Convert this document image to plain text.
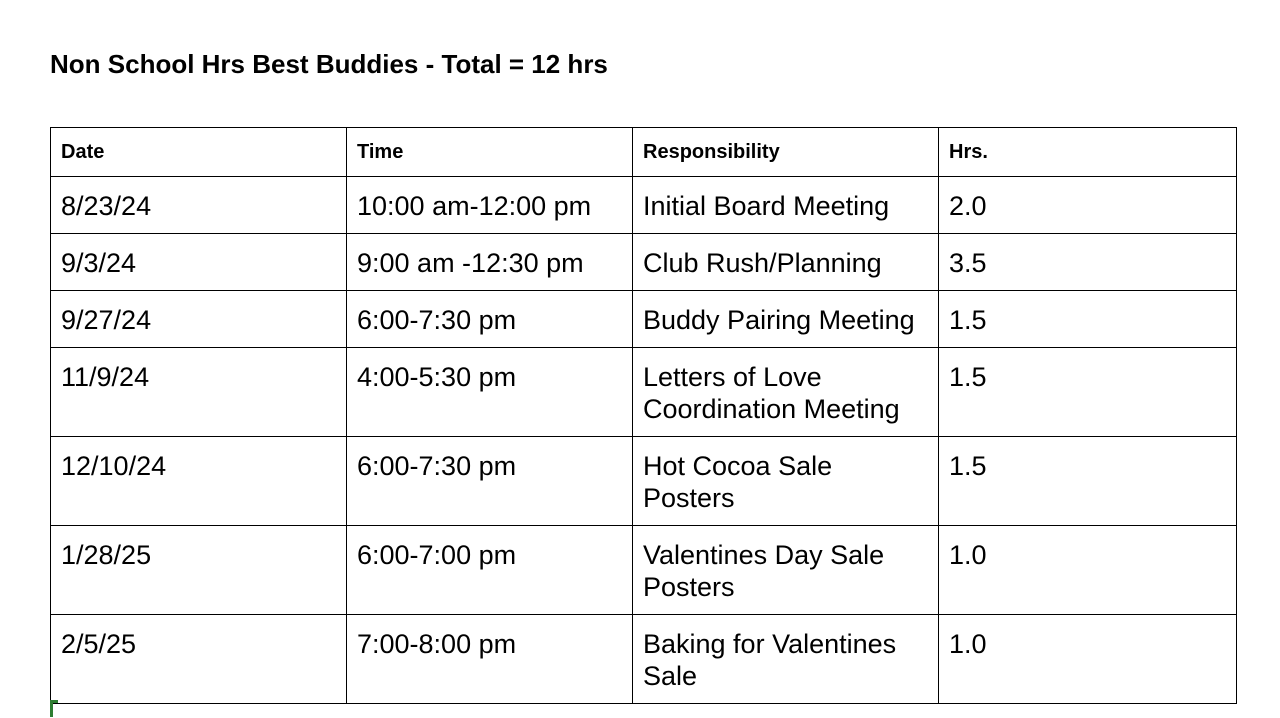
Non School Hrs Best Buddies - Total = 12 hrs
Date	Time	Responsibility	Hrs.
8/23/24	10:00 am-12:00 pm	Initial Board Meeting	2.0
9/3/24	9:00 am -12:30 pm	Club Rush/Planning	3.5
9/27/24	6:00-7:30 pm	Buddy Pairing Meeting	1.5
11/9/24	4:00-5:30 pm	Letters of Love Coordination Meeting	1.5
12/10/24	6:00-7:30 pm	Hot Cocoa Sale Posters	1.5
1/28/25	6:00-7:00 pm	Valentines Day Sale Posters	1.0
2/5/25	7:00-8:00 pm	Baking for Valentines Sale	1.0
